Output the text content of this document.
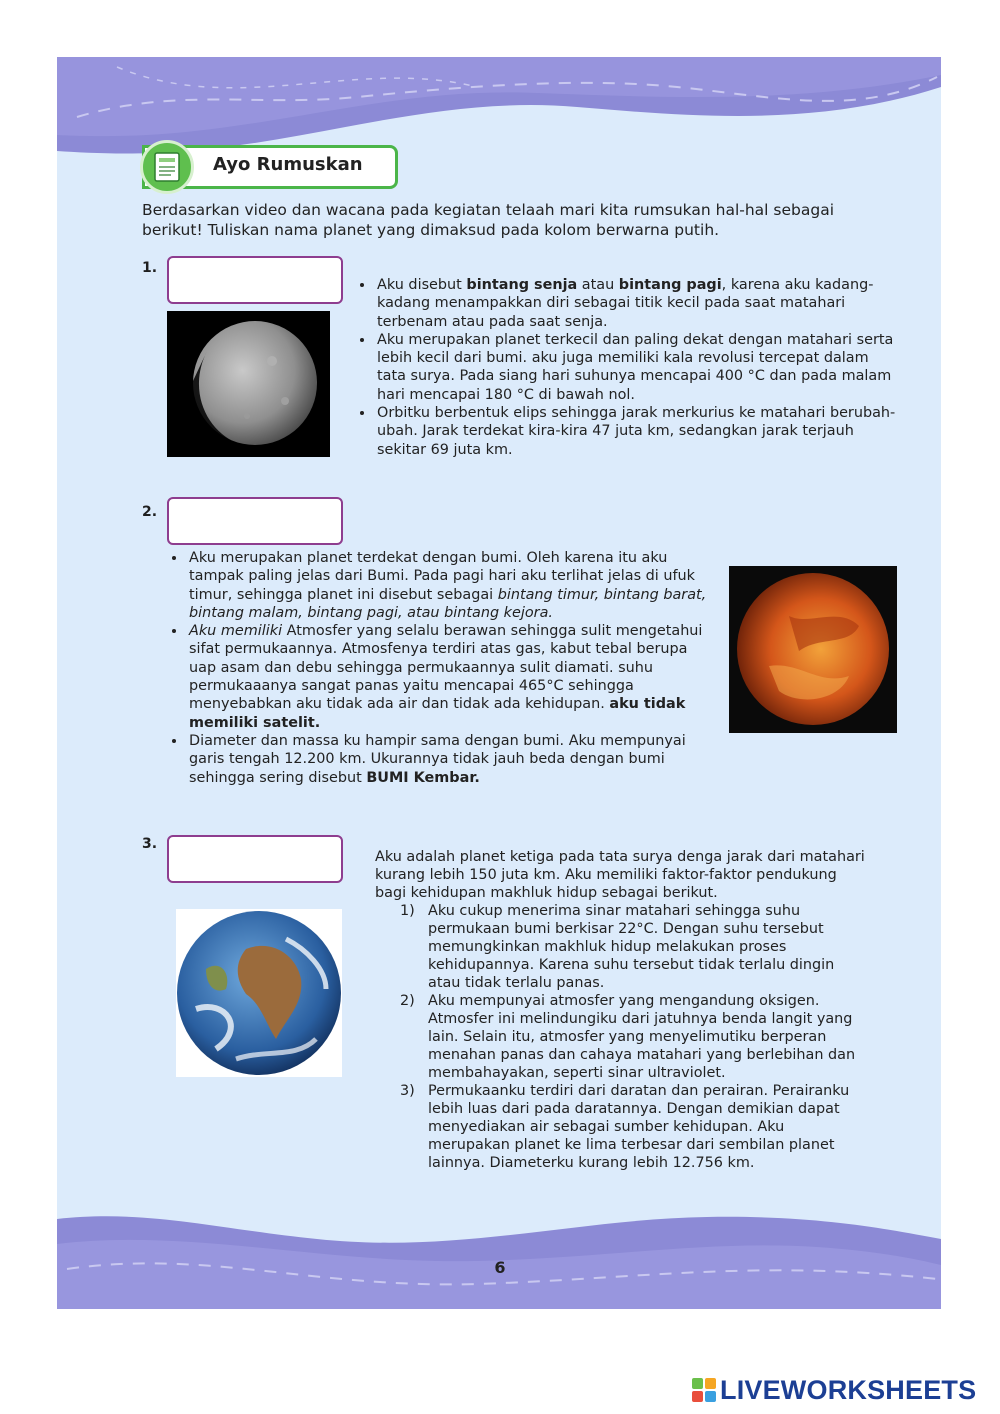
Ayo Rumuskan
Berdasarkan video dan wacana pada kegiatan telaah mari kita rumsukan hal-hal sebagai berikut! Tuliskan nama planet yang dimaksud pada kolom berwarna putih.
1.
• Aku disebut bintang senja atau bintang pagi, karena aku kadang-kadang menampakkan diri sebagai titik kecil pada saat matahari terbenam atau pada saat senja.
• Aku merupakan planet terkecil dan paling dekat dengan matahari serta lebih kecil dari bumi. aku juga memiliki kala revolusi tercepat dalam tata surya. Pada siang hari suhunya mencapai 400 °C dan pada malam hari mencapai 180 °C di bawah nol.
• Orbitku berbentuk elips sehingga jarak merkurius ke matahari berubah-ubah. Jarak terdekat kira-kira 47 juta km, sedangkan jarak terjauh sekitar 69 juta km.
2.
• Aku merupakan planet terdekat dengan bumi. Oleh karena itu aku tampak paling jelas dari Bumi. Pada pagi hari aku terlihat jelas di ufuk timur, sehingga planet ini disebut sebagai bintang timur, bintang barat, bintang malam, bintang pagi, atau bintang kejora.
• Aku memiliki Atmosfer yang selalu berawan sehingga sulit mengetahui sifat permukaannya. Atmosfenya terdiri atas gas, kabut tebal berupa uap asam dan debu sehingga permukaannya sulit diamati. suhu permukaaanya sangat panas yaitu mencapai 465°C sehingga menyebabkan aku tidak ada air dan tidak ada kehidupan. aku tidak memiliki satelit.
• Diameter dan massa ku hampir sama dengan bumi. Aku mempunyai garis tengah 12.200 km. Ukurannya tidak jauh beda dengan bumi sehingga sering disebut BUMI Kembar.
3.
Aku adalah planet ketiga pada tata surya denga jarak dari matahari kurang lebih 150 juta km. Aku memiliki faktor-faktor pendukung bagi kehidupan makhluk hidup sebagai berikut.
1) Aku cukup menerima sinar matahari sehingga suhu permukaan bumi berkisar 22°C. Dengan suhu tersebut memungkinkan makhluk hidup melakukan proses kehidupannya. Karena suhu tersebut tidak terlalu dingin atau tidak terlalu panas.
2) Aku mempunyai atmosfer yang mengandung oksigen. Atmosfer ini melindungiku dari jatuhnya benda langit yang lain. Selain itu, atmosfer yang menyelimutiku berperan menahan panas dan cahaya matahari yang berlebihan dan membahayakan, seperti sinar ultraviolet.
3) Permukaanku terdiri dari daratan dan perairan. Perairanku lebih luas dari pada daratannya. Dengan demikian dapat menyediakan air sebagai sumber kehidupan. Aku merupakan planet ke lima terbesar dari sembilan planet lainnya. Diameterku kurang lebih 12.756 km.
6
LIVEWORKSHEETS
